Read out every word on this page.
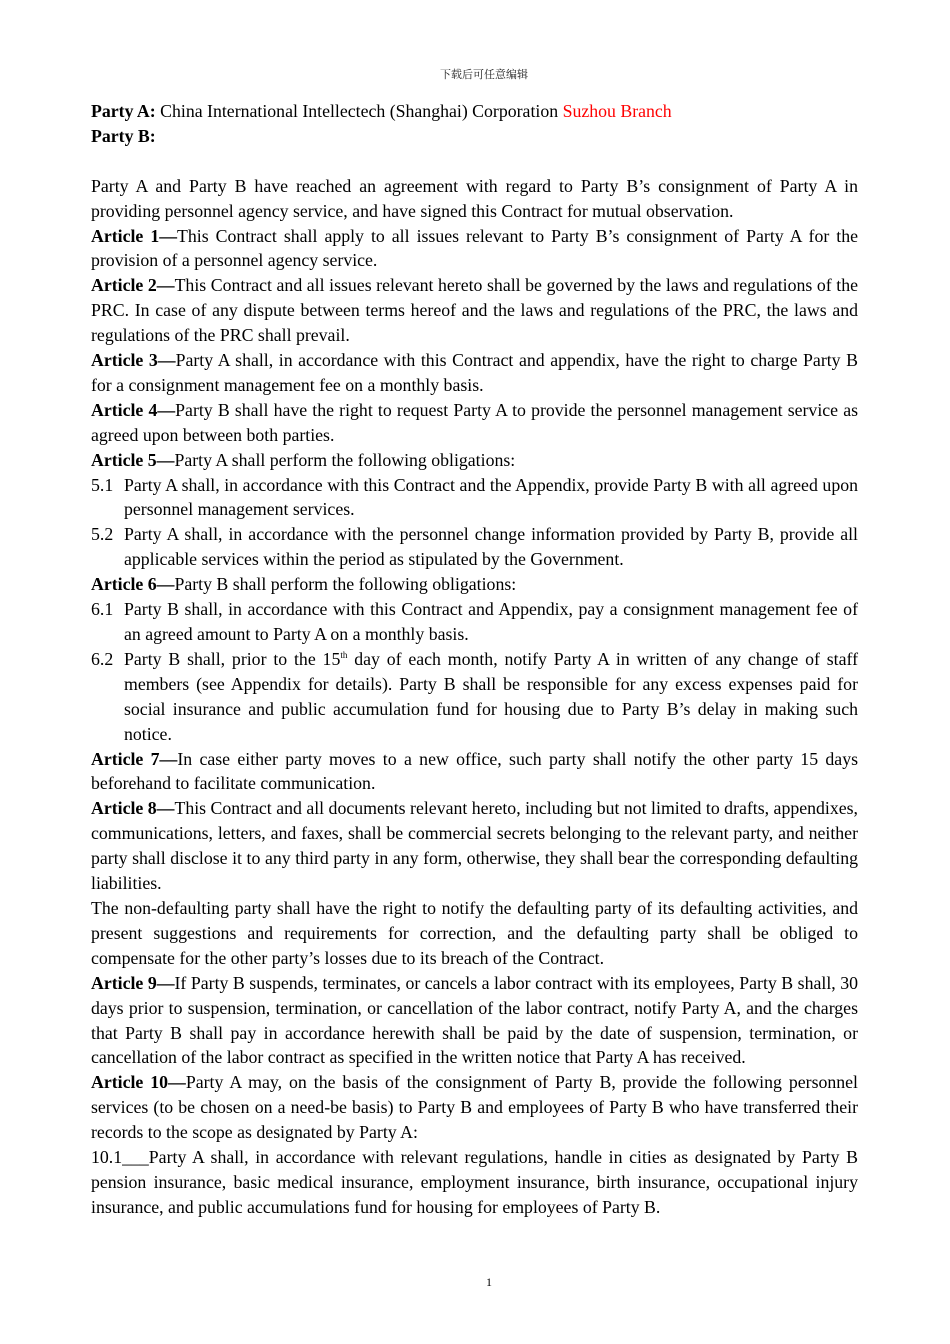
下载后可任意编辑

Party A: China International Intellectech (Shanghai) Corporation Suzhou Branch

Party B:

Party A and Party B have reached an agreement with regard to Party B’s consignment of Party A in providing personnel agency service, and have signed this Contract for mutual observation.

Article 1—This Contract shall apply to all issues relevant to Party B’s consignment of Party A for the provision of a personnel agency service.

Article 2—This Contract and all issues relevant hereto shall be governed by the laws and regulations of the PRC. In case of any dispute between terms hereof and the laws and regulations of the PRC, the laws and regulations of the PRC shall prevail.

Article 3—Party A shall, in accordance with this Contract and appendix, have the right to charge Party B for a consignment management fee on a monthly basis.

Article 4—Party B shall have the right to request Party A to provide the personnel management service as agreed upon between both parties.

Article 5—Party A shall perform the following obligations:

5.1 Party A shall, in accordance with this Contract and the Appendix, provide Party B with all agreed upon personnel management services.
5.2 Party A shall, in accordance with the personnel change information provided by Party B, provide all applicable services within the period as stipulated by the Government.

Article 6—Party B shall perform the following obligations:

6.1 Party B shall, in accordance with this Contract and Appendix, pay a consignment management fee of an agreed amount to Party A on a monthly basis.
6.2 Party B shall, prior to the 15th day of each month, notify Party A in written of any change of staff members (see Appendix for details). Party B shall be responsible for any excess expenses paid for social insurance and public accumulation fund for housing due to Party B’s delay in making such notice.

Article 7—In case either party moves to a new office, such party shall notify the other party 15 days beforehand to facilitate communication.

Article 8—This Contract and all documents relevant hereto, including but not limited to drafts, appendixes, communications, letters, and faxes, shall be commercial secrets belonging to the relevant party, and neither party shall disclose it to any third party in any form, otherwise, they shall bear the corresponding defaulting liabilities.

The non-defaulting party shall have the right to notify the defaulting party of its defaulting activities, and present suggestions and requirements for correction, and the defaulting party shall be obliged to compensate for the other party’s losses due to its breach of the Contract.

Article 9—If Party B suspends, terminates, or cancels a labor contract with its employees, Party B shall, 30 days prior to suspension, termination, or cancellation of the labor contract, notify Party A, and the charges that Party B shall pay in accordance herewith shall be paid by the date of suspension, termination, or cancellation of the labor contract as specified in the written notice that Party A has received.

Article 10—Party A may, on the basis of the consignment of Party B, provide the following personnel services (to be chosen on a need-be basis) to Party B and employees of Party B who have transferred their records to the scope as designated by Party A:

10.1___Party A shall, in accordance with relevant regulations, handle in cities as designated by Party B pension insurance, basic medical insurance, employment insurance, birth insurance, occupational injury insurance, and public accumulations fund for housing for employees of Party B.

1
